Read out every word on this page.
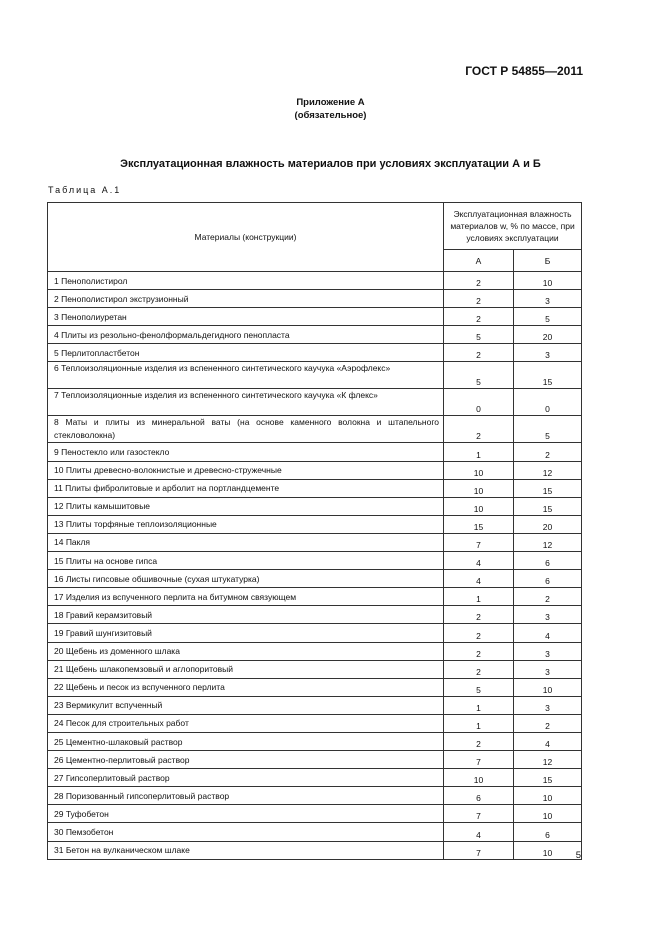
ГОСТ Р 54855—2011
Приложение А
(обязательное)
Эксплуатационная влажность материалов при условиях эксплуатации А и Б
Таблица А.1
Материалы (конструкции)	Эксплуатационная влажность материалов w, % по массе, при условиях эксплуатации	
	А	Б
1 Пенополистирол	2	10
2 Пенополистирол экструзионный	2	3
3 Пенополиуретан	2	5
4 Плиты из резольно-фенолформальдегидного пенопласта	5	20
5 Перлитопластбетон	2	3
6 Теплоизоляционные изделия из вспененного синтетического каучука «Аэрофлекс»	5	15
7 Теплоизоляционные изделия из вспененного синтетического каучука «К флекс»	0	0
8 Маты и плиты из минеральной ваты (на основе каменного волокна и штапельного стекловолокна)	2	5
9 Пеностекло или газостекло	1	2
10 Плиты древесно-волокнистые и древесно-стружечные	10	12
11 Плиты фибролитовые и арболит на портландцементе	10	15
12 Плиты камышитовые	10	15
13 Плиты торфяные теплоизоляционные	15	20
14 Пакля	7	12
15 Плиты на основе гипса	4	6
16 Листы гипсовые обшивочные (сухая штукатурка)	4	6
17 Изделия из вспученного перлита на битумном связующем	1	2
18 Гравий керамзитовый	2	3
19 Гравий шунгизитовый	2	4
20 Щебень из доменного шлака	2	3
21 Щебень шлакопемзовый и аглопоритовый	2	3
22 Щебень и песок из вспученного перлита	5	10
23 Вермикулит вспученный	1	3
24 Песок для строительных работ	1	2
25 Цементно-шлаковый раствор	2	4
26 Цементно-перлитовый раствор	7	12
27 Гипсоперлитовый раствор	10	15
28 Поризованный гипсоперлитовый раствор	6	10
29 Туфобетон	7	10
30 Пемзобетон	4	6
31 Бетон на вулканическом шлаке	7	10 5
